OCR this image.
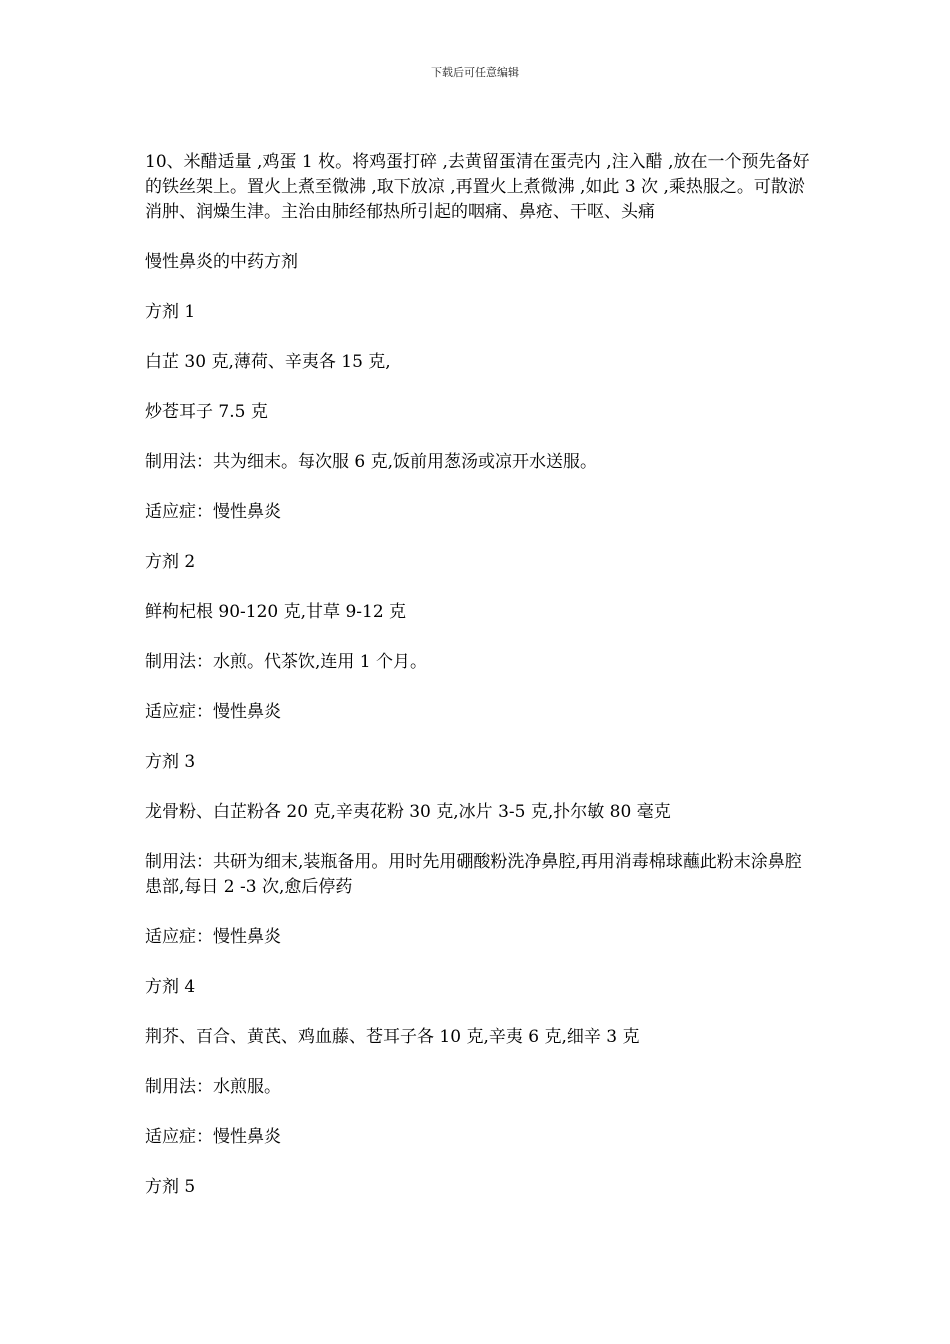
下载后可任意编辑

10、米醋适量 ,鸡蛋 1 枚。将鸡蛋打碎 ,去黄留蛋清在蛋壳内 ,注入醋 ,放在一个预先备好的铁丝架上。置火上煮至微沸 ,取下放凉 ,再置火上煮微沸 ,如此 3 次 ,乘热服之。可散淤消肿、润燥生津。主治由肺经郁热所引起的咽痛、鼻疮、干呕、头痛

慢性鼻炎的中药方剂

方剂 1

白芷 30 克,薄荷、辛夷各 15 克,

炒苍耳子 7.5 克

制用法：共为细末。每次服 6 克,饭前用葱汤或凉开水送服。

适应症：慢性鼻炎

方剂 2

鲜枸杞根 90-120 克,甘草 9-12 克

制用法：水煎。代茶饮,连用 1 个月。

适应症：慢性鼻炎

方剂 3

龙骨粉、白芷粉各 20 克,辛夷花粉 30 克,冰片 3-5 克,扑尔敏 80 毫克

制用法：共研为细末,装瓶备用。用时先用硼酸粉洗净鼻腔,再用消毒棉球蘸此粉末涂鼻腔患部,每日 2 -3 次,愈后停药

适应症：慢性鼻炎

方剂 4

荆芥、百合、黄芪、鸡血藤、苍耳子各 10 克,辛夷 6 克,细辛 3 克

制用法：水煎服。

适应症：慢性鼻炎

方剂 5
